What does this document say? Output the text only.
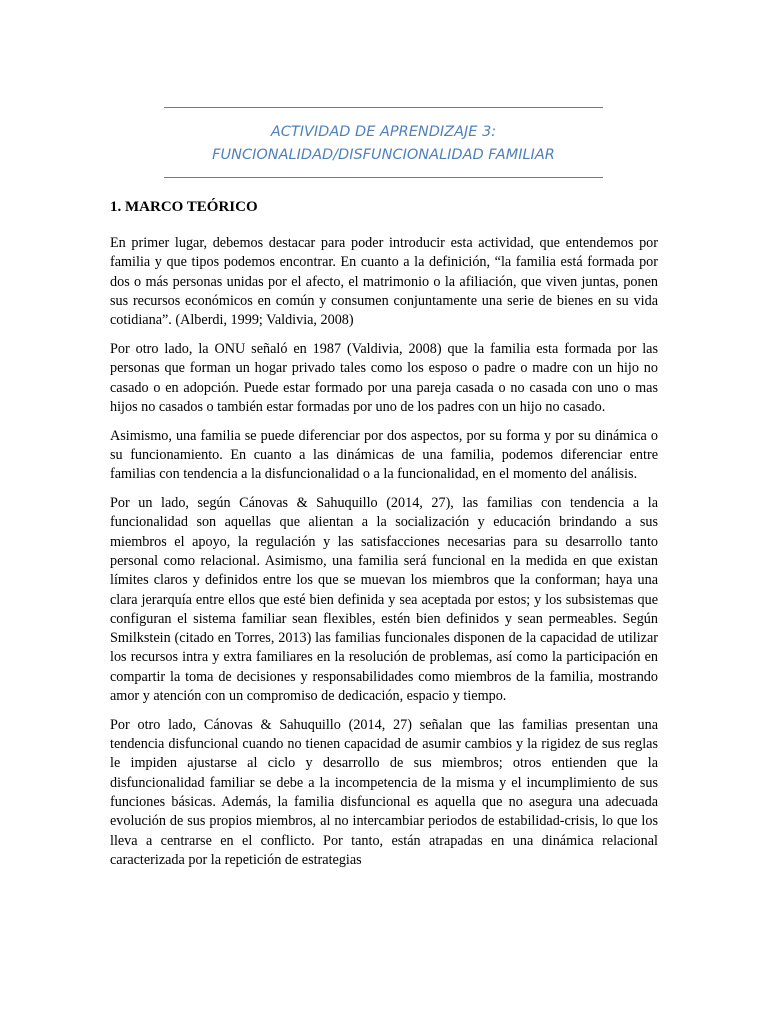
ACTIVIDAD DE APRENDIZAJE 3:
FUNCIONALIDAD/DISFUNCIONALIDAD FAMILIAR
1. MARCO TEÓRICO

En primer lugar, debemos destacar para poder introducir esta actividad, que entendemos por familia y que tipos podemos encontrar. En cuanto a la definición, “la familia está formada por dos o más personas unidas por el afecto, el matrimonio o la afiliación, que viven juntas, ponen sus recursos económicos en común y consumen conjuntamente una serie de bienes en su vida cotidiana”. (Alberdi, 1999; Valdivia, 2008)

Por otro lado, la ONU señaló en 1987 (Valdivia, 2008) que la familia esta formada por las personas que forman un hogar privado tales como los esposo o padre o madre con un hijo no casado o en adopción. Puede estar formado por una pareja casada o no casada con uno o mas hijos no casados o también estar formadas por uno de los padres con un hijo no casado.

Asimismo, una familia se puede diferenciar por dos aspectos, por su forma y por su dinámica o su funcionamiento. En cuanto a las dinámicas de una familia, podemos diferenciar entre familias con tendencia a la disfuncionalidad o a la funcionalidad, en el momento del análisis.

Por un lado, según Cánovas & Sahuquillo (2014, 27), las familias con tendencia a la funcionalidad son aquellas que alientan a la socialización y educación brindando a sus miembros el apoyo, la regulación y las satisfacciones necesarias para su desarrollo tanto personal como relacional. Asimismo, una familia será funcional en la medida en que existan límites claros y definidos entre los que se muevan los miembros que la conforman; haya una clara jerarquía entre ellos que esté bien definida y sea aceptada por estos; y los subsistemas que configuran el sistema familiar sean flexibles, estén bien definidos y sean permeables. Según Smilkstein (citado en Torres, 2013) las familias funcionales disponen de la capacidad de utilizar los recursos intra y extra familiares en la resolución de problemas, así como la participación en compartir la toma de decisiones y responsabilidades como miembros de la familia, mostrando amor y atención con un compromiso de dedicación, espacio y tiempo.

Por otro lado, Cánovas & Sahuquillo (2014, 27) señalan que las familias presentan una tendencia disfuncional cuando no tienen capacidad de asumir cambios y la rigidez de sus reglas le impiden ajustarse al ciclo y desarrollo de sus miembros; otros entienden que la disfuncionalidad familiar se debe a la incompetencia de la misma y el incumplimiento de sus funciones básicas. Además, la familia disfuncional es aquella que no asegura una adecuada evolución de sus propios miembros, al no intercambiar periodos de estabilidad-crisis, lo que los lleva a centrarse en el conflicto. Por tanto, están atrapadas en una dinámica relacional caracterizada por la repetición de estrategias
